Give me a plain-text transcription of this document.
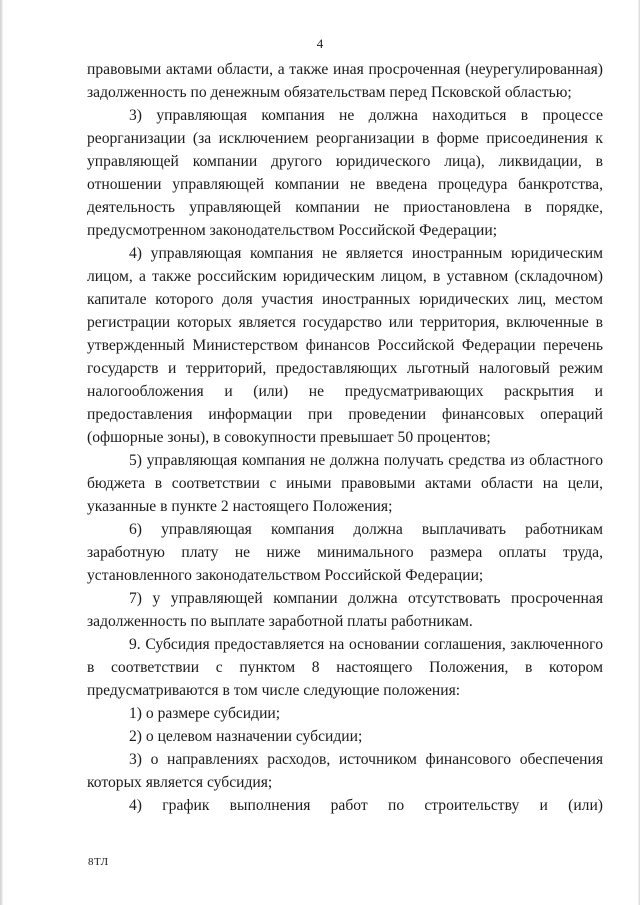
4

правовыми актами области, а также иная просроченная (неурегулированная) задолженность по денежным обязательствам перед Псковской областью;

3) управляющая компания не должна находиться в процессе реорганизации (за исключением реорганизации в форме присоединения к управляющей компании другого юридического лица), ликвидации, в отношении управляющей компании не введена процедура банкротства, деятельность управляющей компании не приостановлена в порядке, предусмотренном законодательством Российской Федерации;

4) управляющая компания не является иностранным юридическим лицом, а также российским юридическим лицом, в уставном (складочном) капитале которого доля участия иностранных юридических лиц, местом регистрации которых является государство или территория, включенные в утвержденный Министерством финансов Российской Федерации перечень государств и территорий, предоставляющих льготный налоговый режим налогообложения и (или) не предусматривающих раскрытия и предоставления информации при проведении финансовых операций (офшорные зоны), в совокупности превышает 50 процентов;

5) управляющая компания не должна получать средства из областного бюджета в соответствии с иными правовыми актами области на цели, указанные в пункте 2 настоящего Положения;

6) управляющая компания должна выплачивать работникам заработную плату не ниже минимального размера оплаты труда, установленного законодательством Российской Федерации;

7) у управляющей компании должна отсутствовать просроченная задолженность по выплате заработной платы работникам.

9. Субсидия предоставляется на основании соглашения, заключенного в соответствии с пунктом 8 настоящего Положения, в котором предусматриваются в том числе следующие положения:

1) о размере субсидии;

2) о целевом назначении субсидии;

3) о направлениях расходов, источником финансового обеспечения которых является субсидия;

4) график выполнения работ по строительству и (или)

8ТЛ
